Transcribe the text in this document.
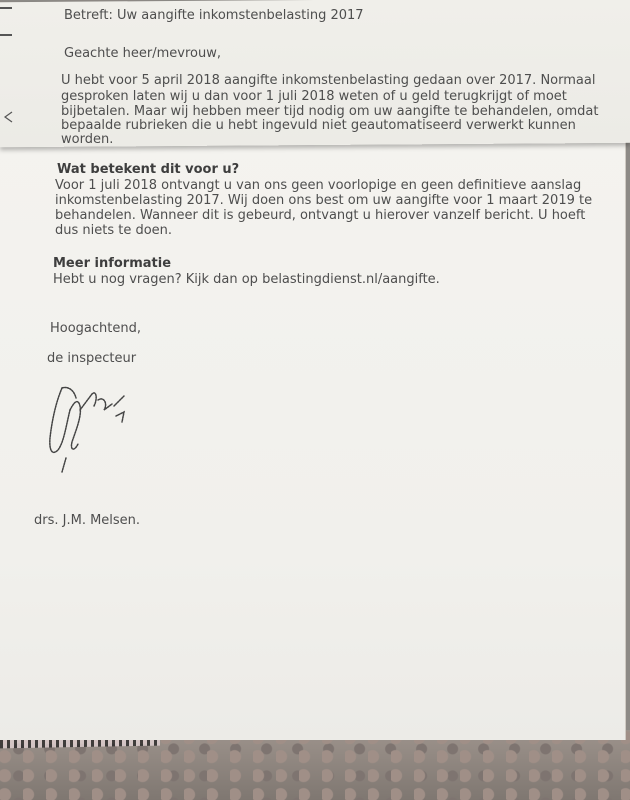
Betreft: Uw aangifte inkomstenbelasting 2017
Geachte heer/mevrouw,
U hebt voor 5 april 2018 aangifte inkomstenbelasting gedaan over 2017. Normaal
gesproken laten wij u dan voor 1 juli 2018 weten of u geld terugkrijgt of moet
bijbetalen. Maar wij hebben meer tijd nodig om uw aangifte te behandelen, omdat
bepaalde rubrieken die u hebt ingevuld niet geautomatiseerd verwerkt kunnen
worden.
Wat betekent dit voor u?
Voor 1 juli 2018 ontvangt u van ons geen voorlopige en geen definitieve aanslag
inkomstenbelasting 2017. Wij doen ons best om uw aangifte voor 1 maart 2019 te
behandelen. Wanneer dit is gebeurd, ontvangt u hierover vanzelf bericht. U hoeft
dus niets te doen.
Meer informatie
Hebt u nog vragen? Kijk dan op belastingdienst.nl/aangifte.
Hoogachtend,
de inspecteur
drs. J.M. Melsen.
